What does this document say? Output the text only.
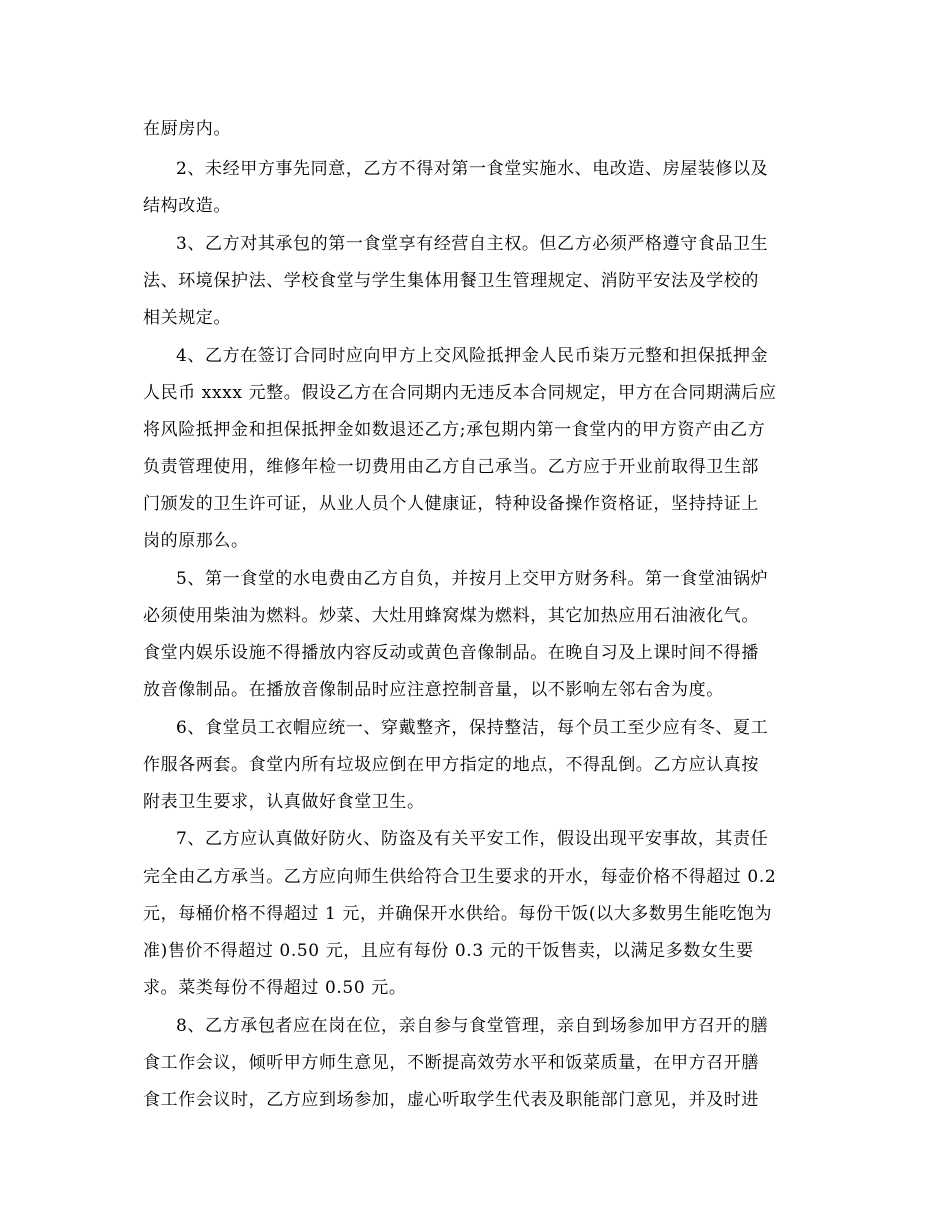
在厨房内。
2、未经甲方事先同意，乙方不得对第一食堂实施水、电改造、房屋装修以及
结构改造。
3、乙方对其承包的第一食堂享有经营自主权。但乙方必须严格遵守食品卫生
法、环境保护法、学校食堂与学生集体用餐卫生管理规定、消防平安法及学校的
相关规定。
4、乙方在签订合同时应向甲方上交风险抵押金人民币柒万元整和担保抵押金
人民币 xxxx 元整。假设乙方在合同期内无违反本合同规定，甲方在合同期满后应
将风险抵押金和担保抵押金如数退还乙方;承包期内第一食堂内的甲方资产由乙方
负责管理使用，维修年检一切费用由乙方自己承当。乙方应于开业前取得卫生部
门颁发的卫生许可证，从业人员个人健康证，特种设备操作资格证，坚持持证上
岗的原那么。
5、第一食堂的水电费由乙方自负，并按月上交甲方财务科。第一食堂油锅炉
必须使用柴油为燃料。炒菜、大灶用蜂窝煤为燃料，其它加热应用石油液化气。
食堂内娱乐设施不得播放内容反动或黄色音像制品。在晚自习及上课时间不得播
放音像制品。在播放音像制品时应注意控制音量，以不影响左邻右舍为度。
6、食堂员工衣帽应统一、穿戴整齐，保持整洁，每个员工至少应有冬、夏工
作服各两套。食堂内所有垃圾应倒在甲方指定的地点，不得乱倒。乙方应认真按
附表卫生要求，认真做好食堂卫生。
7、乙方应认真做好防火、防盗及有关平安工作，假设出现平安事故，其责任
完全由乙方承当。乙方应向师生供给符合卫生要求的开水，每壶价格不得超过 0.2
元，每桶价格不得超过 1 元，并确保开水供给。每份干饭(以大多数男生能吃饱为
准)售价不得超过 0.50 元，且应有每份 0.3 元的干饭售卖，以满足多数女生要
求。菜类每份不得超过 0.50 元。
8、乙方承包者应在岗在位，亲自参与食堂管理，亲自到场参加甲方召开的膳
食工作会议，倾听甲方师生意见，不断提高效劳水平和饭菜质量，在甲方召开膳
食工作会议时，乙方应到场参加，虚心听取学生代表及职能部门意见，并及时进
